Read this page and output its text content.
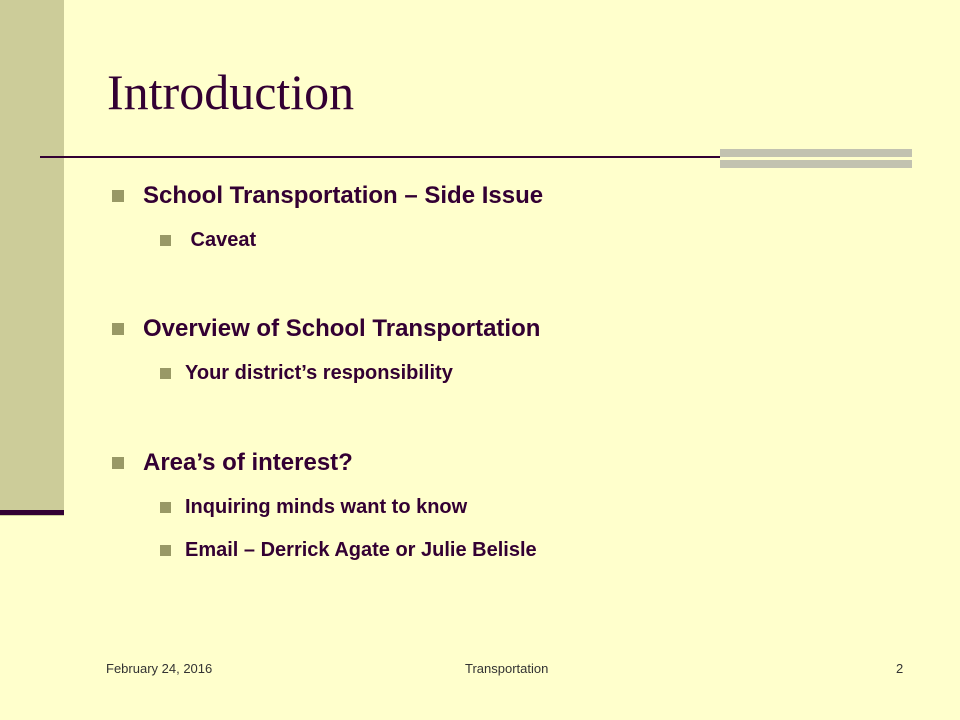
Introduction
School Transportation – Side Issue
Caveat
Overview of School Transportation
Your district’s responsibility
Area’s of interest?
Inquiring minds want to know
Email – Derrick Agate or Julie Belisle
February 24, 2016	Transportation	2
